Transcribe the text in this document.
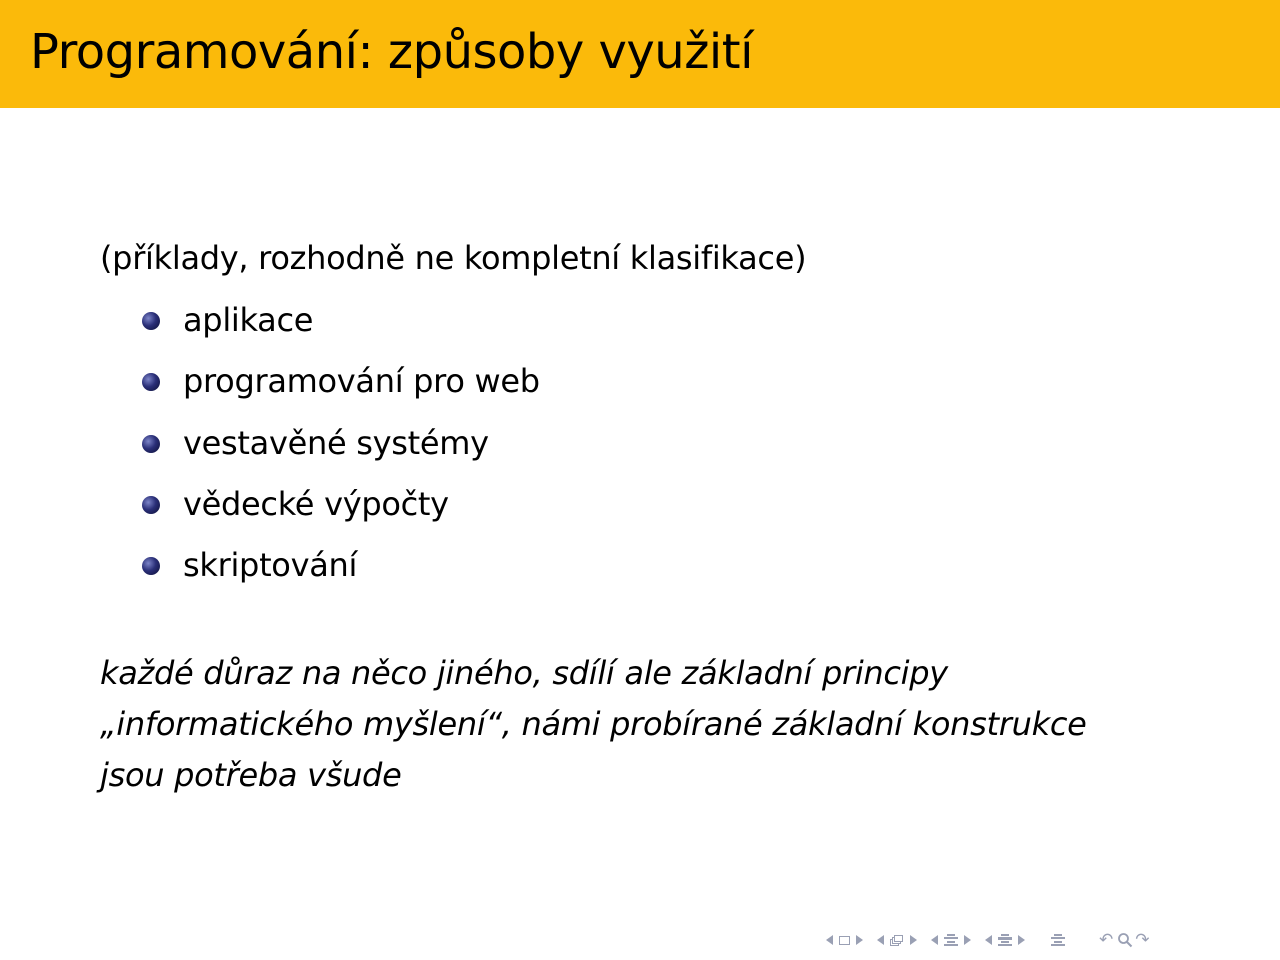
Programování: způsoby využití
(příklady, rozhodně ne kompletní klasifikace)
aplikace
programování pro web
vestavěné systémy
vědecké výpočty
skriptování

každé důraz na něco jiného, sdílí ale základní principy
„informatického myšlení“, námi probírané základní konstrukce
jsou potřeba všude

↶ ↷
